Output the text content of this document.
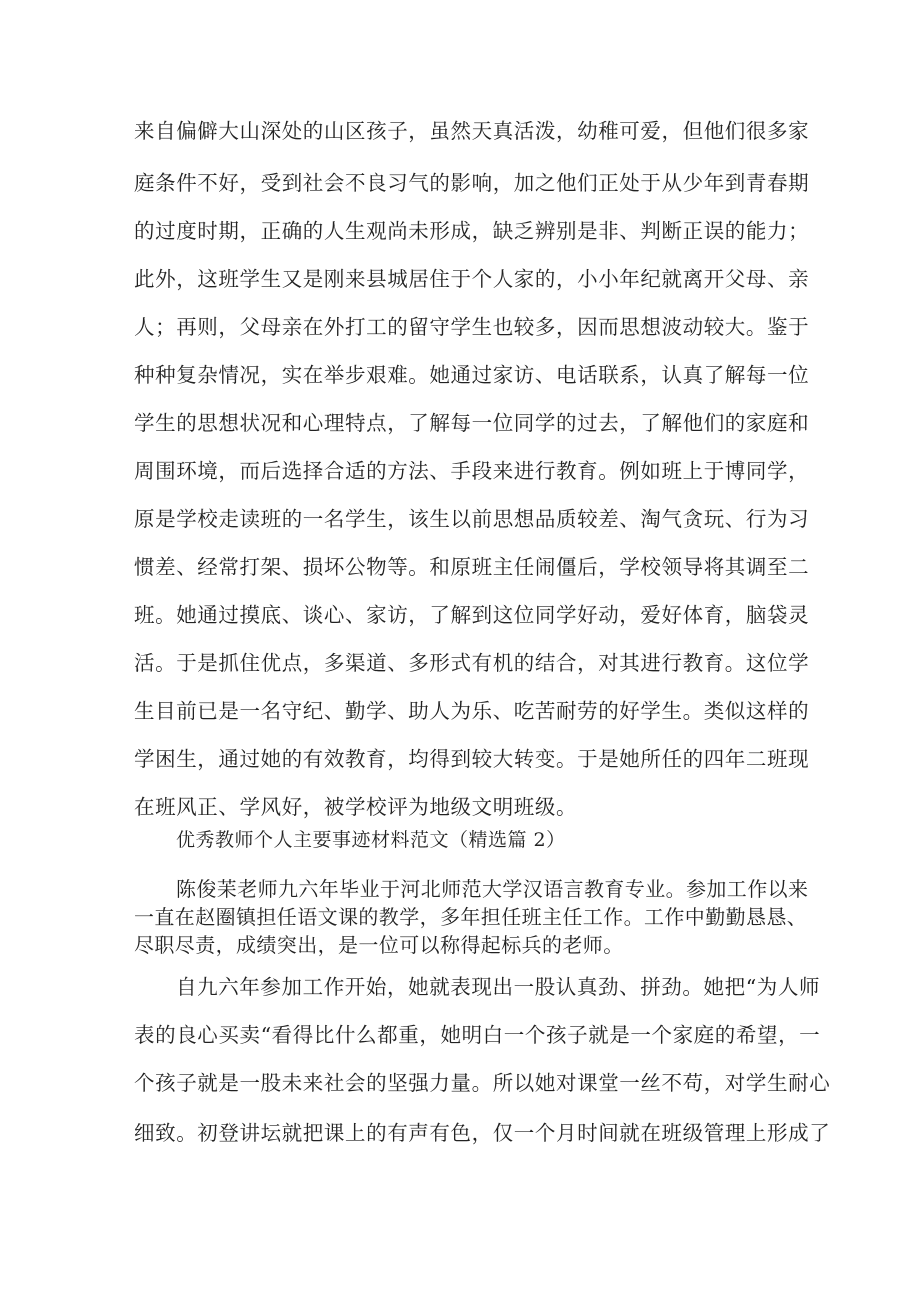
来自偏僻大山深处的山区孩子，虽然天真活泼，幼稚可爱，但他们很多家
庭条件不好，受到社会不良习气的影响，加之他们正处于从少年到青春期
的过度时期，正确的人生观尚未形成，缺乏辨别是非、判断正误的能力；
此外，这班学生又是刚来县城居住于个人家的，小小年纪就离开父母、亲
人；再则，父母亲在外打工的留守学生也较多，因而思想波动较大。鉴于
种种复杂情况，实在举步艰难。她通过家访、电话联系，认真了解每一位
学生的思想状况和心理特点，了解每一位同学的过去，了解他们的家庭和
周围环境，而后选择合适的方法、手段来进行教育。例如班上于博同学，
原是学校走读班的一名学生，该生以前思想品质较差、淘气贪玩、行为习
惯差、经常打架、损坏公物等。和原班主任闹僵后，学校领导将其调至二
班。她通过摸底、谈心、家访，了解到这位同学好动，爱好体育，脑袋灵
活。于是抓住优点，多渠道、多形式有机的结合，对其进行教育。这位学
生目前已是一名守纪、勤学、助人为乐、吃苦耐劳的好学生。类似这样的
学困生，通过她的有效教育，均得到较大转变。于是她所任的四年二班现
在班风正、学风好，被学校评为地级文明班级。
优秀教师个人主要事迹材料范文（精选篇 2）
陈俊苿老师九六年毕业于河北师范大学汉语言教育专业。参加工作以来
一直在赵圈镇担任语文课的教学，多年担任班主任工作。工作中勤勤恳恳、
尽职尽责，成绩突出，是一位可以称得起标兵的老师。
自九六年参加工作开始，她就表现出一股认真劲、拼劲。她把“为人师
表的良心买卖“看得比什么都重，她明白一个孩子就是一个家庭的希望，一
个孩子就是一股未来社会的坚强力量。所以她对课堂一丝不苟，对学生耐心
细致。初登讲坛就把课上的有声有色，仅一个月时间就在班级管理上形成了
